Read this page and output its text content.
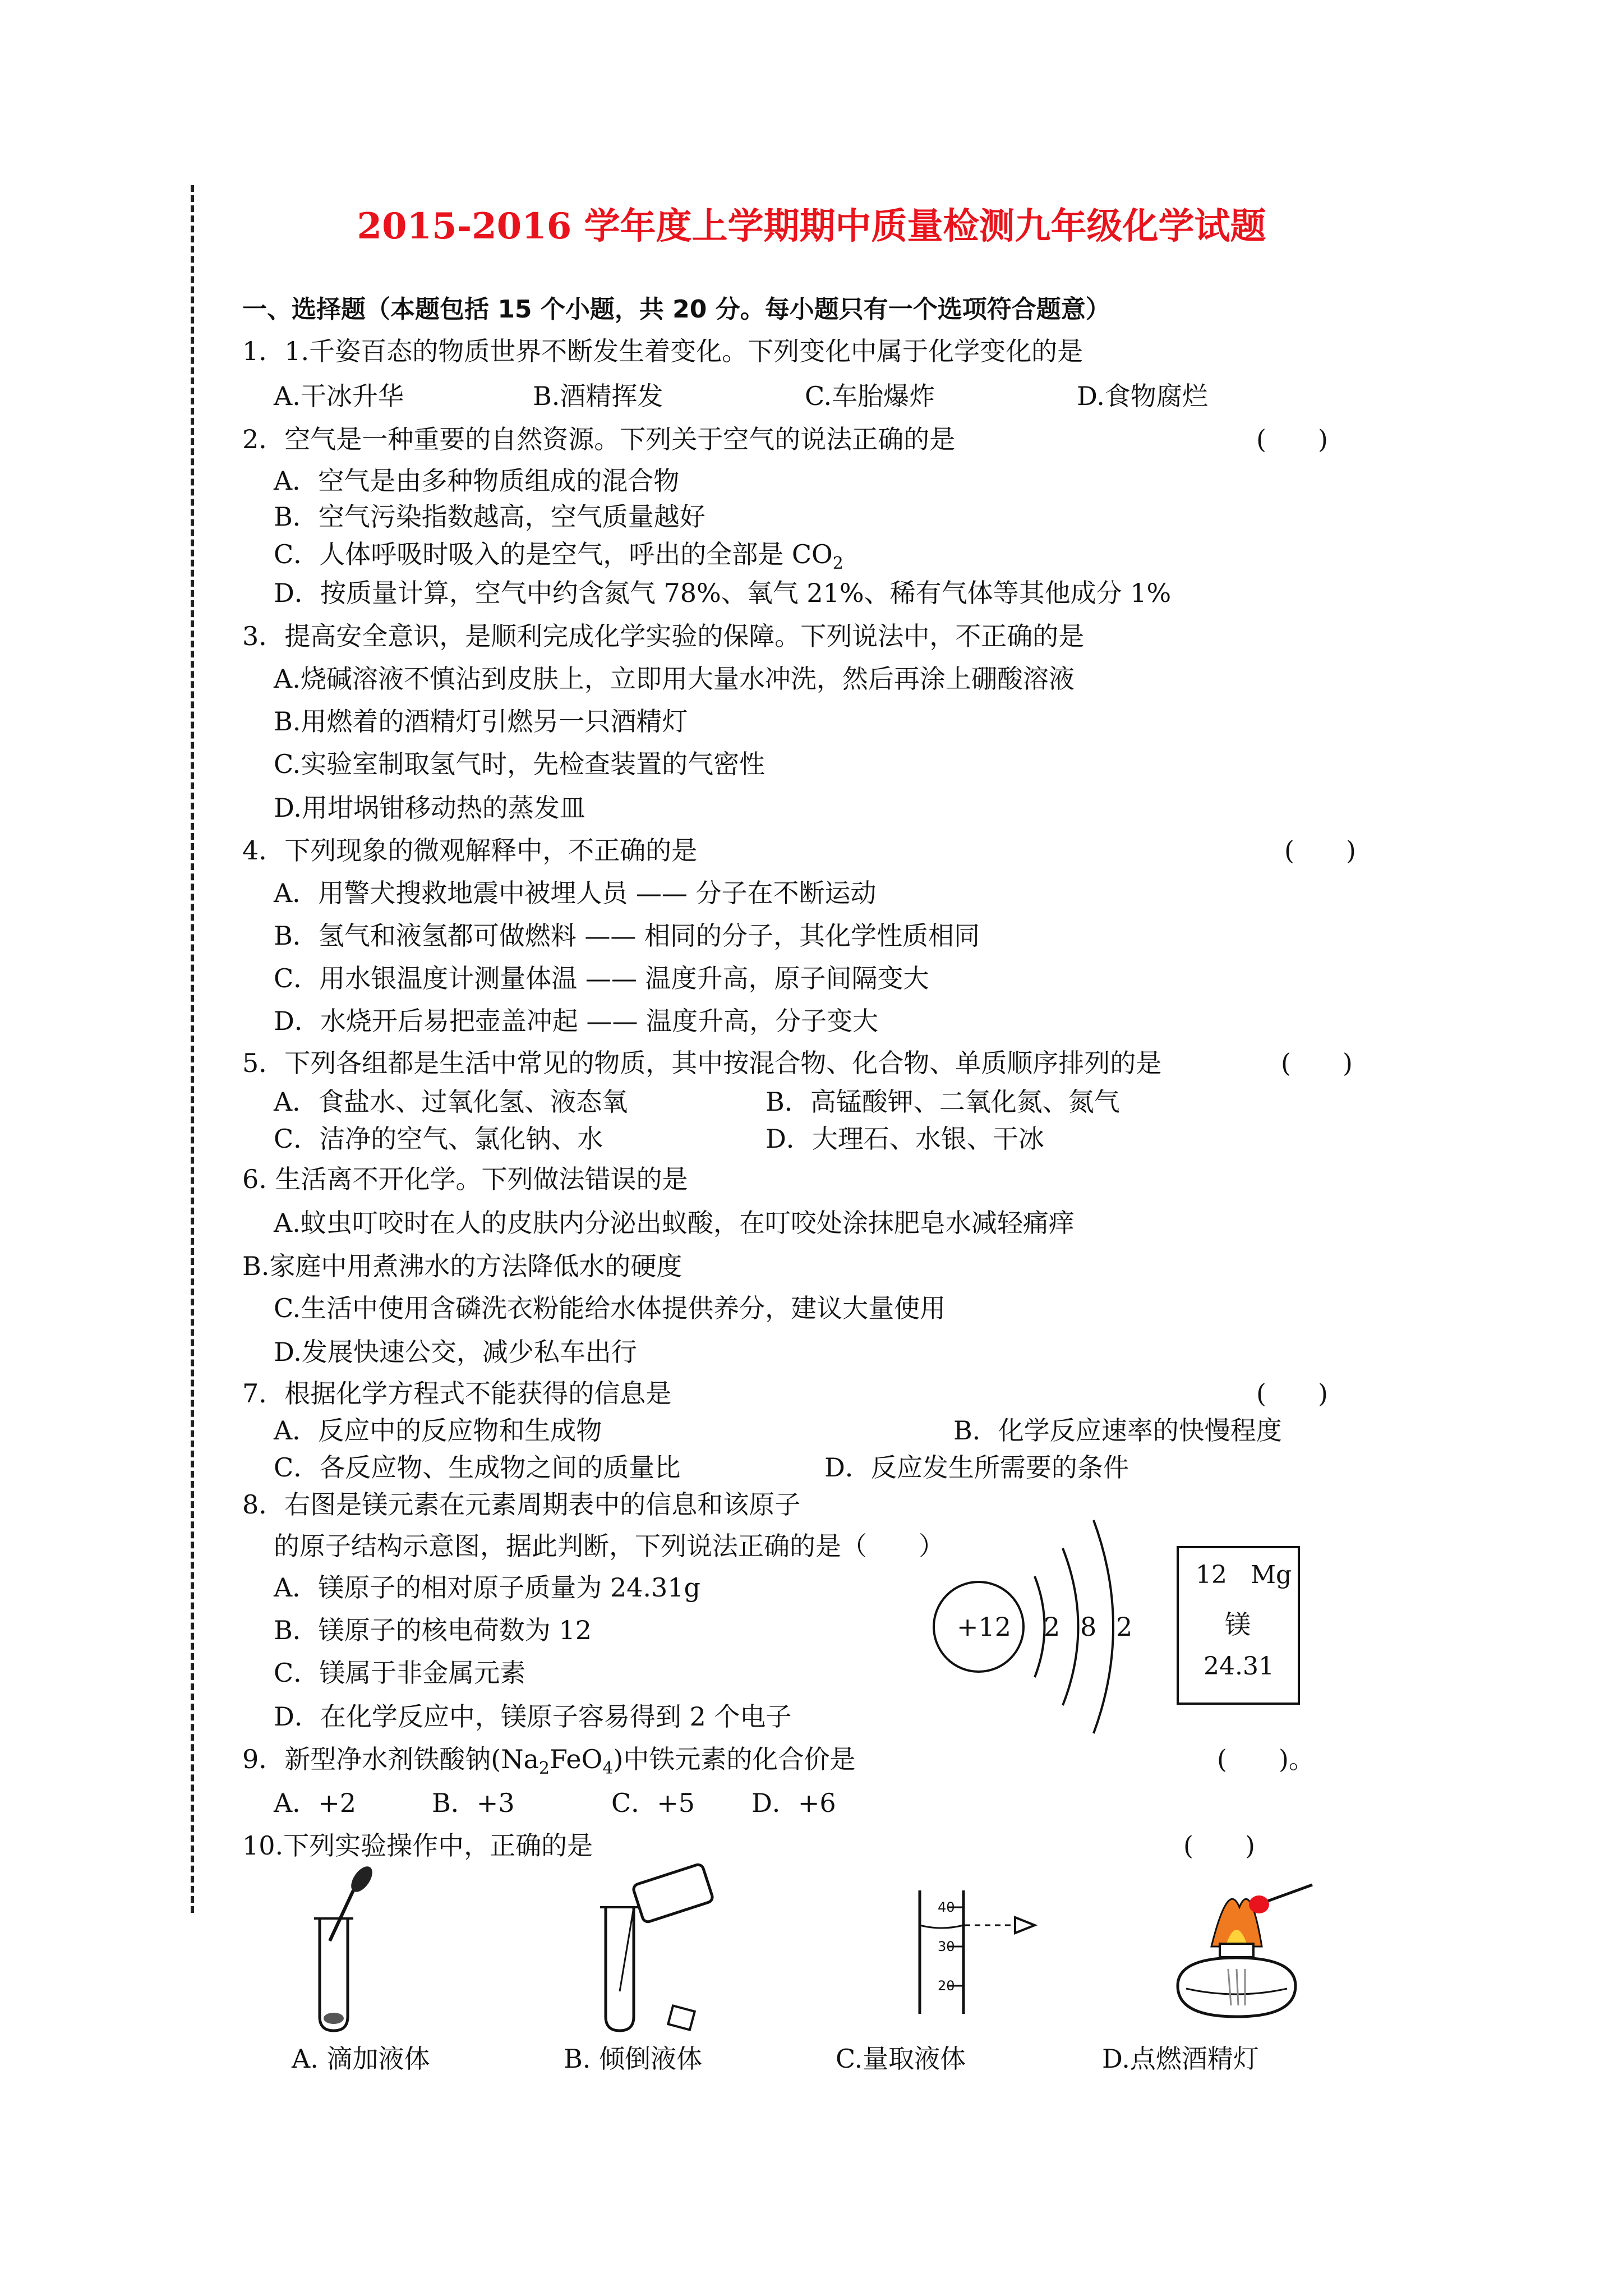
2015-2016 学年度上学期期中质量检测九年级化学试题
一、选择题（本题包括 15 个小题，共 20 分。每小题只有一个选项符合题意）
1．1.千姿百态的物质世界不断发生着变化。下列变化中属于化学变化的是
A.干冰升华	B.酒精挥发	C.车胎爆炸	D.食物腐烂
2．空气是一种重要的自然资源。下列关于空气的说法正确的是	(　　)
A．空气是由多种物质组成的混合物
B．空气污染指数越高，空气质量越好
C．人体呼吸时吸入的是空气，呼出的全部是 $CO_2$
D．按质量计算，空气中约含氮气 78%、氧气 21%、稀有气体等其他成分 1%
3．提高安全意识，是顺利完成化学实验的保障。下列说法中，不正确的是
A.烧碱溶液不慎沾到皮肤上，立即用大量水冲洗，然后再涂上硼酸溶液
B.用燃着的酒精灯引燃另一只酒精灯
C.实验室制取氢气时，先检查装置的气密性
D.用坩埚钳移动热的蒸发皿
4．下列现象的微观解释中，不正确的是	(　　)
A．用警犬搜救地震中被埋人员 —— 分子在不断运动
B．氢气和液氢都可做燃料 —— 相同的分子，其化学性质相同
C．用水银温度计测量体温 —— 温度升高，原子间隔变大
D．水烧开后易把壶盖冲起 —— 温度升高，分子变大
5．下列各组都是生活中常见的物质，其中按混合物、化合物、单质顺序排列的是	(　　)
A．食盐水、过氧化氢、液态氧	B．高锰酸钾、二氧化氮、氮气
C．洁净的空气、氯化钠、水	D．大理石、水银、干冰
6. 生活离不开化学。下列做法错误的是
A.蚊虫叮咬时在人的皮肤内分泌出蚁酸，在叮咬处涂抹肥皂水减轻痛痒
B.家庭中用煮沸水的方法降低水的硬度
C.生活中使用含磷洗衣粉能给水体提供养分，建议大量使用
D.发展快速公交，减少私车出行
7．根据化学方程式不能获得的信息是	(　　)
A．反应中的反应物和生成物	B．化学反应速率的快慢程度
C．各反应物、生成物之间的质量比	D．反应发生所需要的条件
8．右图是镁元素在元素周期表中的信息和该原子
的原子结构示意图，据此判断，下列说法正确的是（　　）
A．镁原子的相对原子质量为 24.31g
B．镁原子的核电荷数为 12
C．镁属于非金属元素
D．在化学反应中，镁原子容易得到 2 个电子
+12 2 8 2
12 Mg
镁
24.31
9．新型净水剂铁酸钠$(Na_2FeO_4)$中铁元素的化合价是	(　　)。
A．+2	B．+3	C．+5 D．+6
10.下列实验操作中，正确的是	(　　)
A. 滴加液体	B. 倾倒液体
40
30
20
C.量取液体	D.点燃酒精灯
